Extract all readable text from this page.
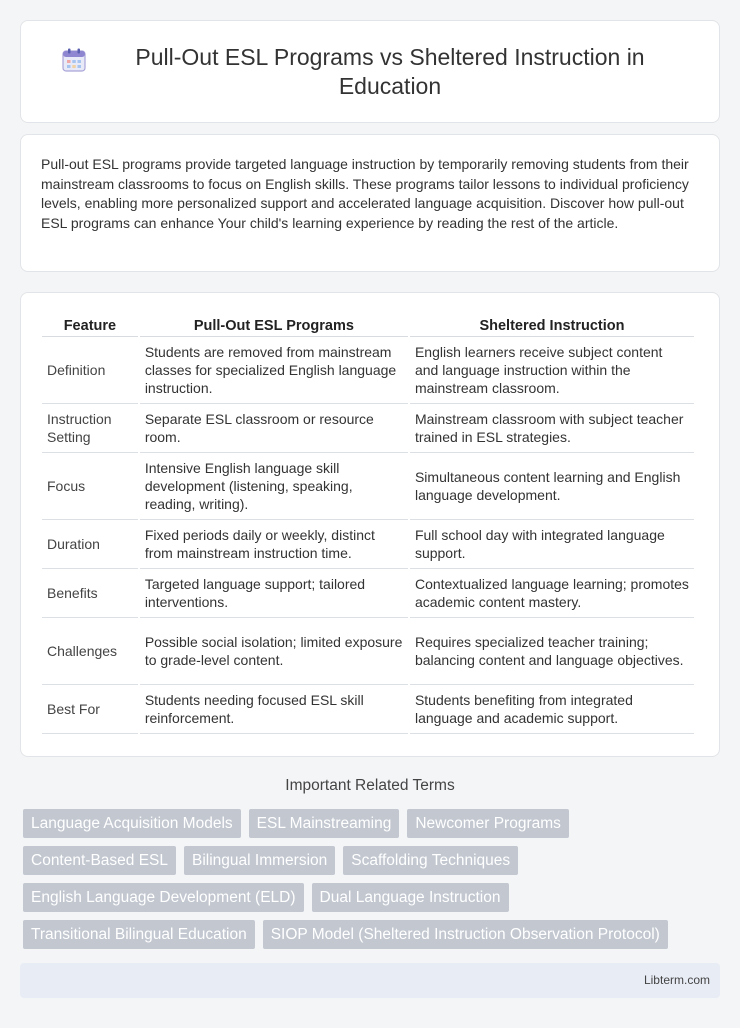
Pull-Out ESL Programs vs Sheltered Instruction in Education

Pull-out ESL programs provide targeted language instruction by temporarily removing students from their mainstream classrooms to focus on English skills. These programs tailor lessons to individual proficiency levels, enabling more personalized support and accelerated language acquisition. Discover how pull-out ESL programs can enhance Your child's learning experience by reading the rest of the article.

Feature	Pull-Out ESL Programs	Sheltered Instruction
Definition	Students are removed from mainstream classes for specialized English language instruction.	English learners receive subject content and language instruction within the mainstream classroom.
Instruction Setting	Separate ESL classroom or resource room.	Mainstream classroom with subject teacher trained in ESL strategies.
Focus	Intensive English language skill development (listening, speaking, reading, writing).	Simultaneous content learning and English language development.
Duration	Fixed periods daily or weekly, distinct from mainstream instruction time.	Full school day with integrated language support.
Benefits	Targeted language support; tailored interventions.	Contextualized language learning; promotes academic content mastery.
Challenges	Possible social isolation; limited exposure to grade-level content.	Requires specialized teacher training; balancing content and language objectives.
Best For	Students needing focused ESL skill reinforcement.	Students benefiting from integrated language and academic support.
Important Related Terms
Language Acquisition Models	ESL Mainstreaming	Newcomer Programs
Content-Based ESL	Bilingual Immersion	Scaffolding Techniques
English Language Development (ELD)	Dual Language Instruction
Transitional Bilingual Education	SIOP Model (Sheltered Instruction Observation Protocol)
Libterm.com
